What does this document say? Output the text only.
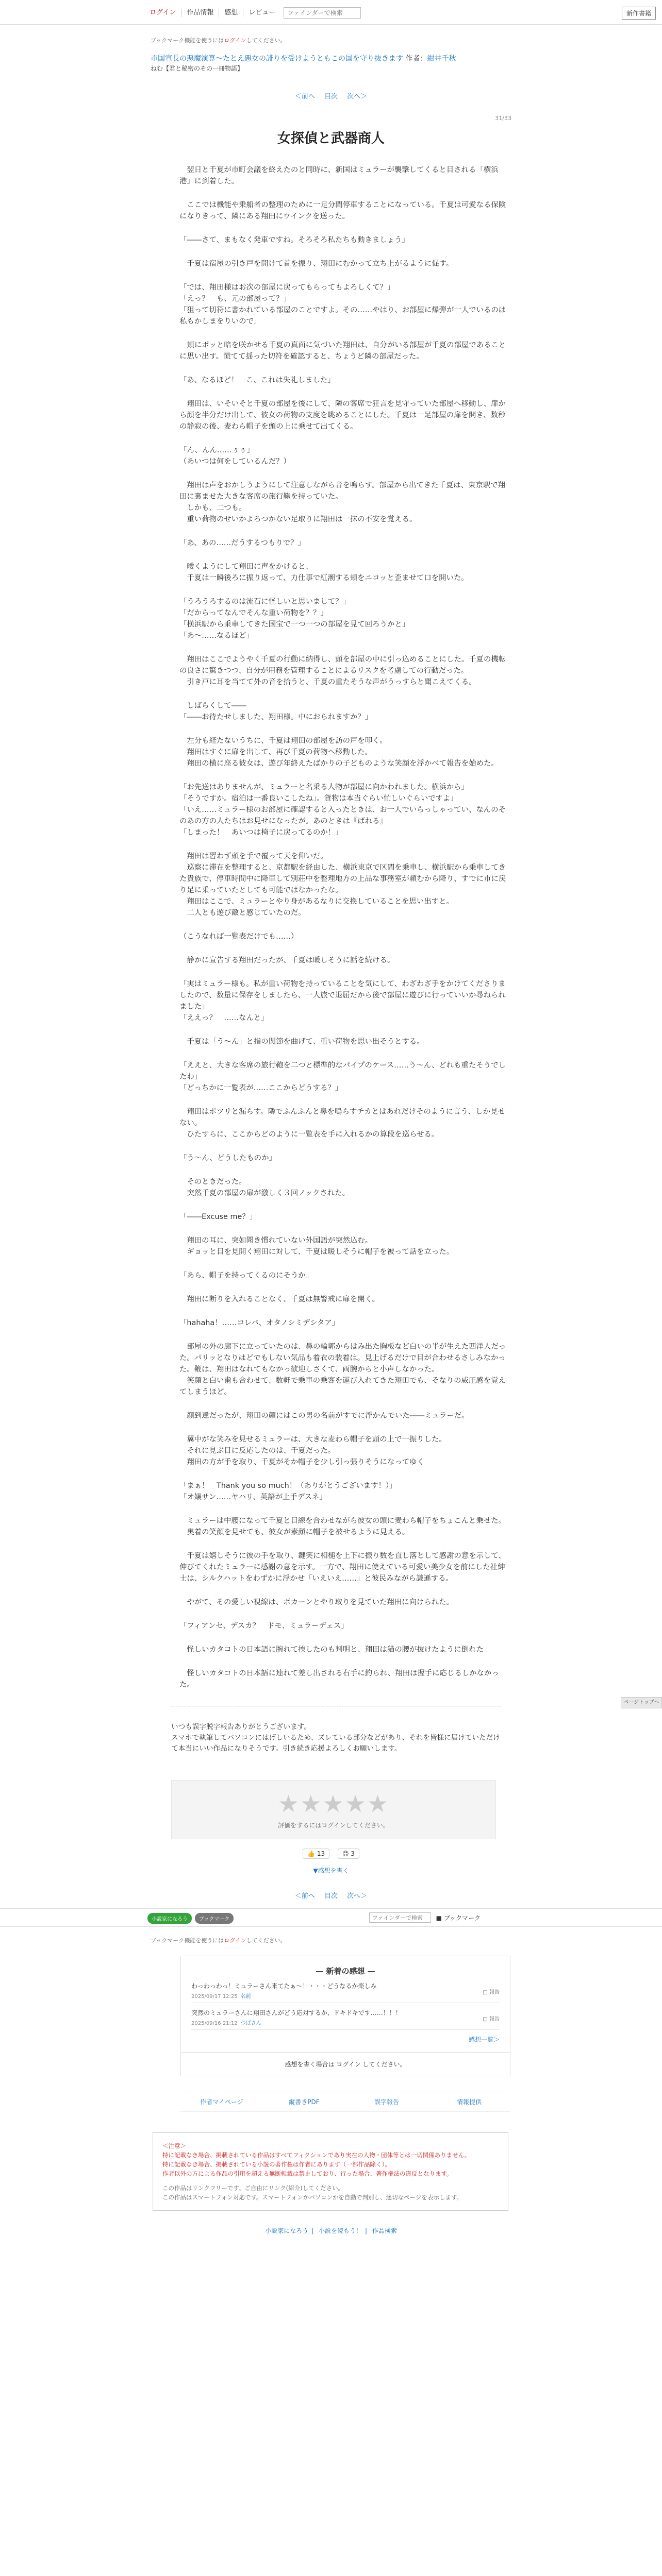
ログイン	作品情報	感想	レビュー
ファインダーで検索	新作書籍
ブックマーク機能を使うにはログインしてください。
市国宣長の悪魔演算～たとえ悪女の誹りを受けようともこの国を守り抜きます 作者：紺井千秋
ねむ【君と秘密のその一冊物語】
＜前へ 目次 次へ＞
31/33
女探偵と武器商人

　翌日と千夏が市町会議を終えたのと同時に、新国はミュラーが襲撃してくると目される「横浜港」に到着した。

　ここでは機能や乗船者の整理のために一足分間停車することになっている。千夏は可愛なる保険になりきって、隣にある翔田にウインクを送った。

「――さて、まもなく発車ですね。そろそろ私たちも動きましょう」

　千夏は宿屋の引き戸を開けて首を振り、翔田にむかって立ち上がるように促す。

「では、翔田様はお次の部屋に戻ってもらってもよろしくて？」
「えっ？　も、元の部屋って？」
「狙って切符に書かれている部屋のことですよ。その……やはり、お部屋に爆弾が一人でいるのは私もかしまをりいので」

　頬にポッと暗を咲かせる千夏の真面に気づいた翔田は、自分がいる部屋が千夏の部屋であることに思い出す。慌てて揺った切符を確認すると、ちょうど隣の部屋だった。

「あ、なるほど！　こ、これは失礼しました」

　翔田は、いそいそと千夏の部屋を後にして、隣の客席で狂言を見守っていた部屋へ移動し、扉から顔を半分だけ出して、彼女の荷物の支度を眺めることにした。千夏は一足部屋の扉を開き、数秒の静寂の後、麦わら帽子を頭の上に乗せて出てくる。

「ん、んん……ぅぅ」
（あいつは何をしているんだ？）

　翔田は声をおかしうようにして注意しながら音を鳴らす。部屋から出てきた千夏は、東京駅で翔田に裏ませた大きな客席の旅行鞄を持っていた。
　しかも、二つも。
　重い荷物のせいかよろつかない足取りに翔田は一抹の不安を覚える。

「あ、あの……だうするつもりで？」

　曖くようにして翔田に声をかけると、
　千夏は一瞬後ろに振り返って、力仕事で紅潮する頬をニコッと歪ませて口を開いた。

「うろうろするのは流石に怪しいと思いまして？」
「だからってなんでそんな重い荷物を？？」
「横浜駅から乗車してきた国宝で一つ一つの部屋を見て回ろうかと」
「あ～……なるほど」

　翔田はここでようやく千夏の行動に納得し、頭を部屋の中に引っ込めることにした。千夏の機転の良さに驚きつつ、自分が用務を管理することによるリスクを考慮しての行動だった。
　引き戸に耳を当てて外の音を拾うと、千夏の重たそうな声がうっすらと聞こえてくる。

　しばらくして――
「――お待たせしました、翔田様。中におられますか？」

　左分も経たないうちに、千夏は翔田の部屋を訪の戸を叩く。
　翔田はすぐに扉を出して、再び千夏の荷物へ移動した。
　翔田の横に座る彼女は、遊び年終えたばかりの子どものような笑顔を浮かべて報告を始めた。

「お先送はありませんが、ミュラーと名乗る人物が部屋に向かわれました。横浜から」
「そうですか。宿泊は一番良いこしたね」。貨物は本当ぐらい忙しいぐらいですよ」
「いえ……ミュラー様のお部屋に確認すると入ったときは、お一人でいらっしゃってい、なんのそのあの方の人たちはお見せになったが。あのときは『ばれる』
「しまった！　あいつは椅子に戻ってるのか！」

　翔田は習わず頭を手で覆って天を仰いだ。
　巡察に滞在を整理すると、京都駅を経由した、横浜東京で区間を乗車し、横浜駅から乗車してきた貴族で、停車時間中に降車して別荘中を整理地方の上品な事務室が頼むから降り、すでに市に戻り足に乗っていたとしても可能ではなかったな。
　翔田はここで、ミュラーとやり身があるなりに交換していることを思い出すと。
　二人とも遊び敵と感じていたのだ。

（こうなれば一覧表だけでも……）

　静かに宣告する翔田だったが、千夏は暖しそうに話を続ける。

「実はミュラー様も。私が重い荷物を持っていることを気にして、わざわざ手をかけてくださりましたので、数量に保存をしましたら、一人旅で退屈だから後で部屋に遊びに行っていいか尋ねられました」
「ええっ？　……なんと」

　千夏は「う～ん」と指の関節を曲げて、重い荷物を思い出そうとする。

「ええと、大きな客席の旅行鞄を二つと標準的なパイプのケース……う～ん、どれも重たそうでしたわ」
「どっちかに一覧表が……ここからどうする？」

　翔田はポツリと漏らす。隣でふんふんと鼻を鳴らすチカとはあれだけそのように言う、しか見せない。
　ひたすらに、ここからどのように一覧表を手に入れるかの算段を巡らせる。

「う～ん、どうしたものか」

　そのときだった。
　突然千夏の部屋の扉が激しく３回ノックされた。

「――Excuse me？」

　翔田の耳に、突如聞き慣れていない外国語が突然込む。
　ギョッと目を見開く翔田に対して、千夏は暖しそうに帽子を被って話を立った。

「あら、帽子を持ってくるのにそうか」

　翔田に断りを入れることなく、千夏は無警戒に扉を開く。

「hahaha！……コレバ、オタノシミデシタア」

　部屋の外の廊下に立っていたのは、鼻の輪郭からはみ出た胸板など白いの半が生えた西洋人だった。パリッとなりはどでもしない気品も着衣の装着は。見上げるだけで目が合わせるさしみなかった。鞭は、翔田はなれてもなかっ歓迎しさくて、両腕からと小声しなかった。
　笑顔と白い歯も合わせて、数軒で乗車の乗客を運び入れてきた翔田でも、そなりの威圧感を覚えてしまうほど。

　顔到達だったが、翔田の顔にはこの男の名前がすでに浮かんでいた――ミュラーだ。

　翼中がな笑みを見せるミュラーは、大きな麦わら帽子を頭の上で一振りした。
　それに見ぶ目に反応したのは、千夏だった。
　翔田の方が手を取り、千夏がそか帽子を少し引っ張りそうになってゆく

「まぁ！　Thank you so much！（ありがとうございます！）」
「オ嬢サン……ヤハリ、英語が上手デスネ」

　ミュラーは中腰になって千夏と目線を合わせながら彼女の頭に麦わら帽子をちょこんと乗せた。
　奥着の笑顔を見せても、彼女が素顔に帽子を被せるように見える。

　千夏は嬉しそうに彼の手を取り、鍵笑に相槌を上下に振り数を直し落として感謝の意を示して、伸びてくれたミュラーに感謝の意を示す。一方で、翔田に使えている可愛い美少女を前にした社紳士は、シルクハットをわずかに浮かせ「いえいえ……」と彼民みながら謙遜する。

　やがて、その愛しい視線は、ボカーンとやり取りを見ていた翔田に向けられた。

「フィアンセ、デスカ？　ドモ、ミュラーデェス」

　怪しいカタコトの日本語に腕れて挨したのも判明と、翔田は猫の腰が抜けたように倒れた

　怪しいカタコトの日本語に連れて差し出される右手に釣られ、翔田は握手に応じるしかなかった。

いつも誤字脱字報告ありがとうございます。
スマホで執筆してパソコンにはげしいるため、ズレている部分などがあり、それを皆様に届けていただけて本当にいい作品になりそうです。引き続き応援よろしくお願いします。
★★★★★
評価をするにはログインしてください。
👍 13	😊 3
▼感想を書く
＜前へ 目次 次へ＞
小説家になろう	ブックマーク
ファインダーで検索	■ ブックマーク
ブックマーク機能を使うにはログインしてください。
— 新着の感想 —
わっわっわっ！ミュラーさん来てたぁ～！・・・どうなるか楽しみ
2025/09/17 12:25 名前
□ 報告
突然のミュラーさんに翔田さんがどう応対するか、ドキドキです……！！！
2025/09/16 21:12 つばさん
□ 報告
感想一覧＞
感想を書く場合は ログイン してください。
作者マイページ	縦書きPDF	誤字報告	情報提供
＜注意＞
特に記載なき場合、掲載されている作品はすべてフィクションであり実在の人物・団体等とは一切関係ありません。
特に記載なき場合、掲載されている小説の著作権は作者にあります（一部作品除く）。
作者以外の方による作品の引用を超える無断転載は禁止しており、行った場合、著作権法の違反となります。
この作品はリンクフリーです。ご自由にリンク(紹介)してください。
この作品はスマートフォン対応です。スマートフォンかパソコンかを自動で判別し、適切なページを表示します。
小説家になろう | 小説を読もう！ | 作品検索
ページトップへ
